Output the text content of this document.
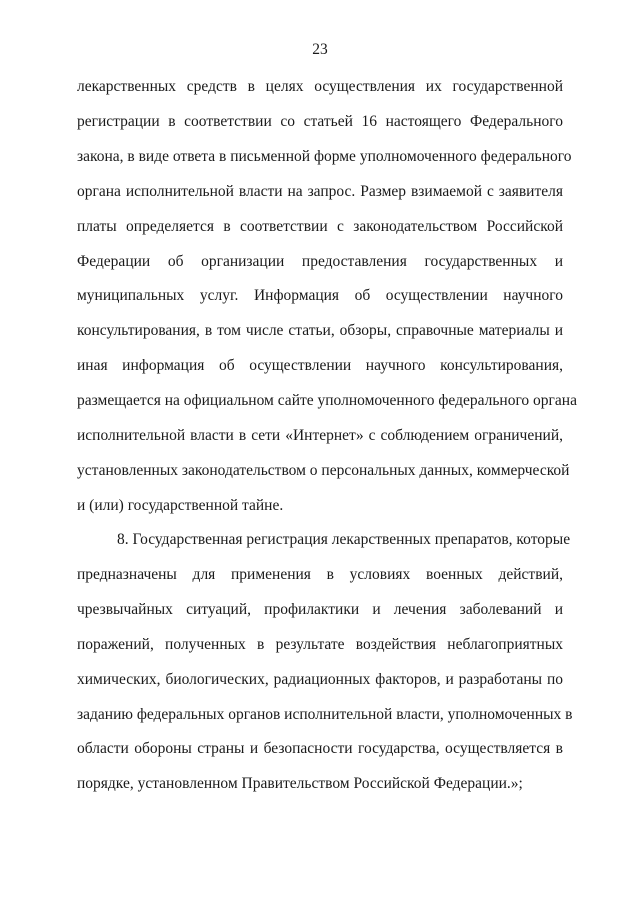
23
лекарственных средств в целях осуществления их государственной
регистрации в соответствии со статьей 16 настоящего Федерального
закона, в виде ответа в письменной форме уполномоченного федерального
органа исполнительной власти на запрос. Размер взимаемой с заявителя
платы определяется в соответствии с законодательством Российской
Федерации об организации предоставления государственных и
муниципальных услуг. Информация об осуществлении научного
консультирования, в том числе статьи, обзоры, справочные материалы и
иная информация об осуществлении научного консультирования,
размещается на официальном сайте уполномоченного федерального органа
исполнительной власти в сети «Интернет» с соблюдением ограничений,
установленных законодательством о персональных данных, коммерческой
и (или) государственной тайне.
8. Государственная регистрация лекарственных препаратов, которые
предназначены для применения в условиях военных действий,
чрезвычайных ситуаций, профилактики и лечения заболеваний и
поражений, полученных в результате воздействия неблагоприятных
химических, биологических, радиационных факторов, и разработаны по
заданию федеральных органов исполнительной власти, уполномоченных в
области обороны страны и безопасности государства, осуществляется в
порядке, установленном Правительством Российской Федерации.»;
